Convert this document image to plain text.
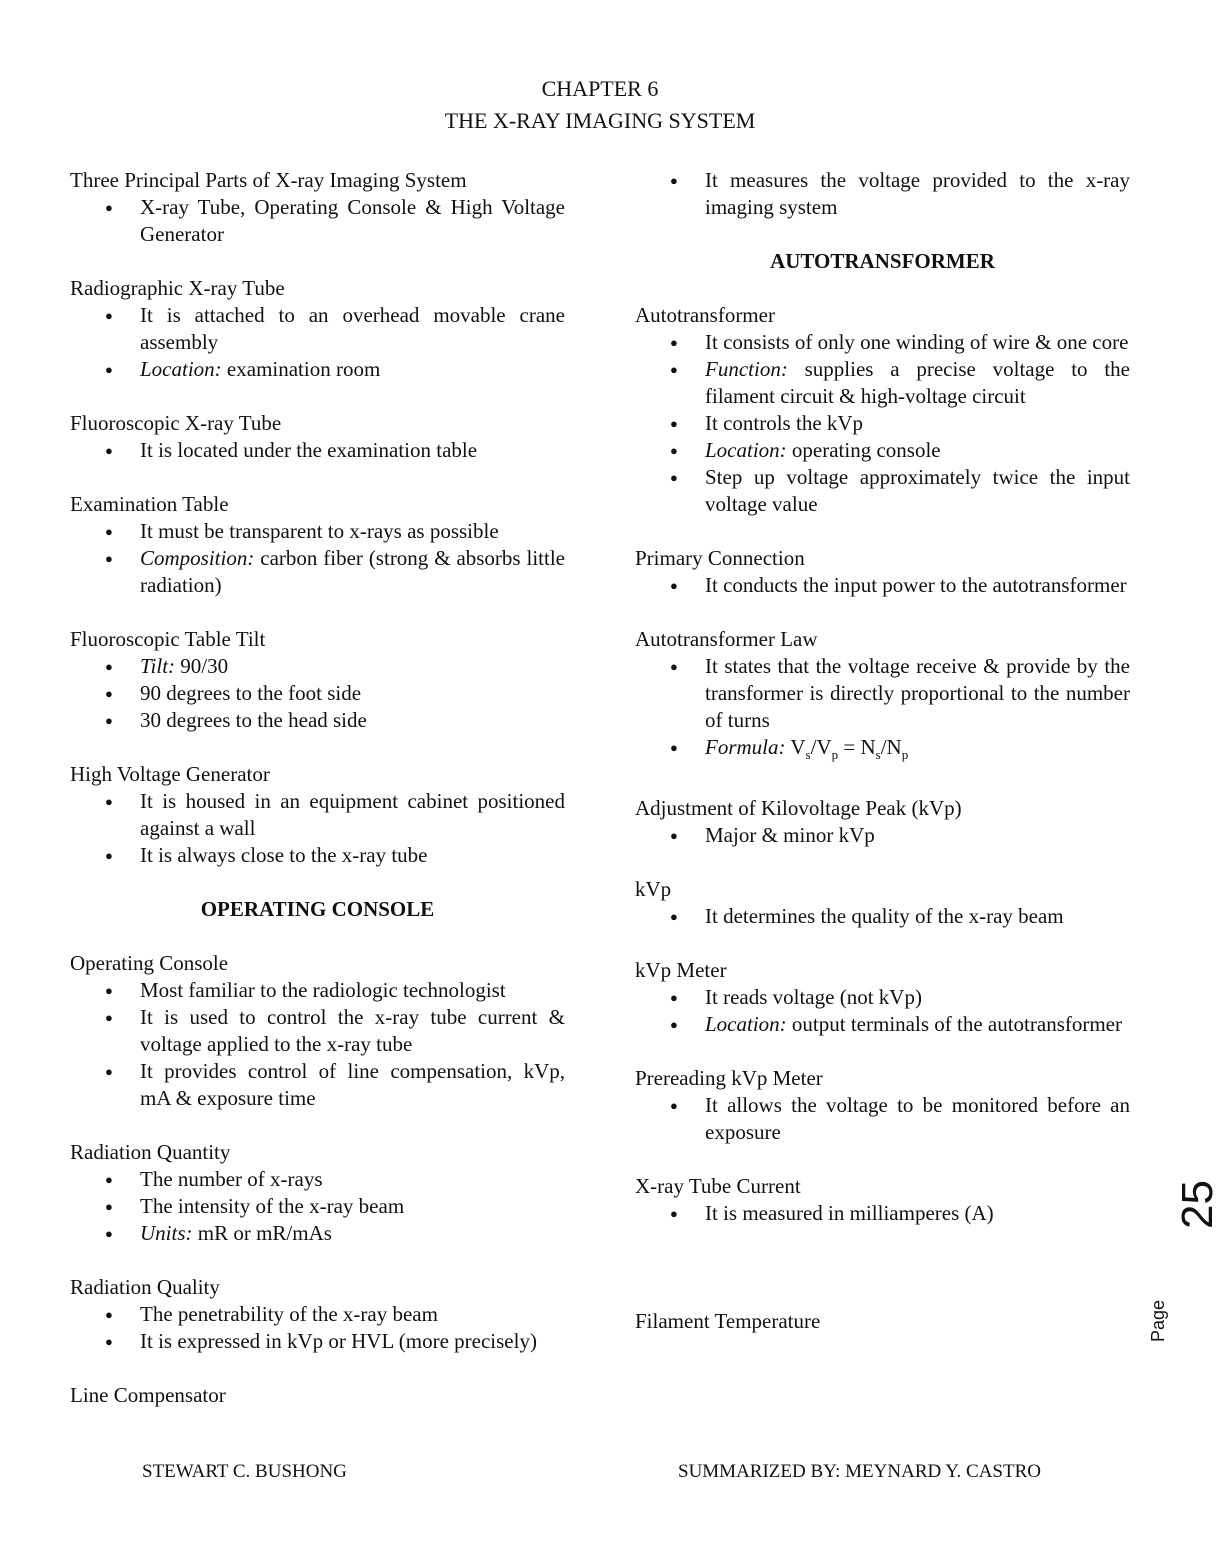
CHAPTER 6
THE X-RAY IMAGING SYSTEM

Three Principal Parts of X-ray Imaging System

● X-ray Tube, Operating Console & High Voltage Generator

Radiographic X-ray Tube

● It is attached to an overhead movable crane assembly
● Location: examination room

Fluoroscopic X-ray Tube

● It is located under the examination table

Examination Table

● It must be transparent to x-rays as possible
● Composition: carbon fiber (strong & absorbs little radiation)

Fluoroscopic Table Tilt

● Tilt: 90/30
● 90 degrees to the foot side
● 30 degrees to the head side

High Voltage Generator

● It is housed in an equipment cabinet positioned against a wall
● It is always close to the x-ray tube

OPERATING CONSOLE

Operating Console

● Most familiar to the radiologic technologist
● It is used to control the x-ray tube current & voltage applied to the x-ray tube
● It provides control of line compensation, kVp, mA & exposure time

Radiation Quantity

● The number of x-rays
● The intensity of the x-ray beam
● Units: mR or mR/mAs

Radiation Quality

● The penetrability of the x-ray beam
● It is expressed in kVp or HVL (more precisely)

Line Compensator

● It measures the voltage provided to the x-ray imaging system

AUTOTRANSFORMER

Autotransformer

● It consists of only one winding of wire & one core
● Function: supplies a precise voltage to the filament circuit & high-voltage circuit
● It controls the kVp
● Location: operating console
● Step up voltage approximately twice the input voltage value

Primary Connection

● It conducts the input power to the autotransformer

Autotransformer Law

● It states that the voltage receive & provide by the transformer is directly proportional to the number of turns
● Formula: $V_s/V_p = N_s/N_p$

Adjustment of Kilovoltage Peak (kVp)

● Major & minor kVp

kVp

● It determines the quality of the x-ray beam

kVp Meter

● It reads voltage (not kVp)
● Location: output terminals of the autotransformer

Prereading kVp Meter

● It allows the voltage to be monitored before an exposure

X-ray Tube Current

● It is measured in milliamperes (A)

Filament Temperature

25
Page
STEWART C. BUSHONG	SUMMARIZED BY: MEYNARD Y. CASTRO
